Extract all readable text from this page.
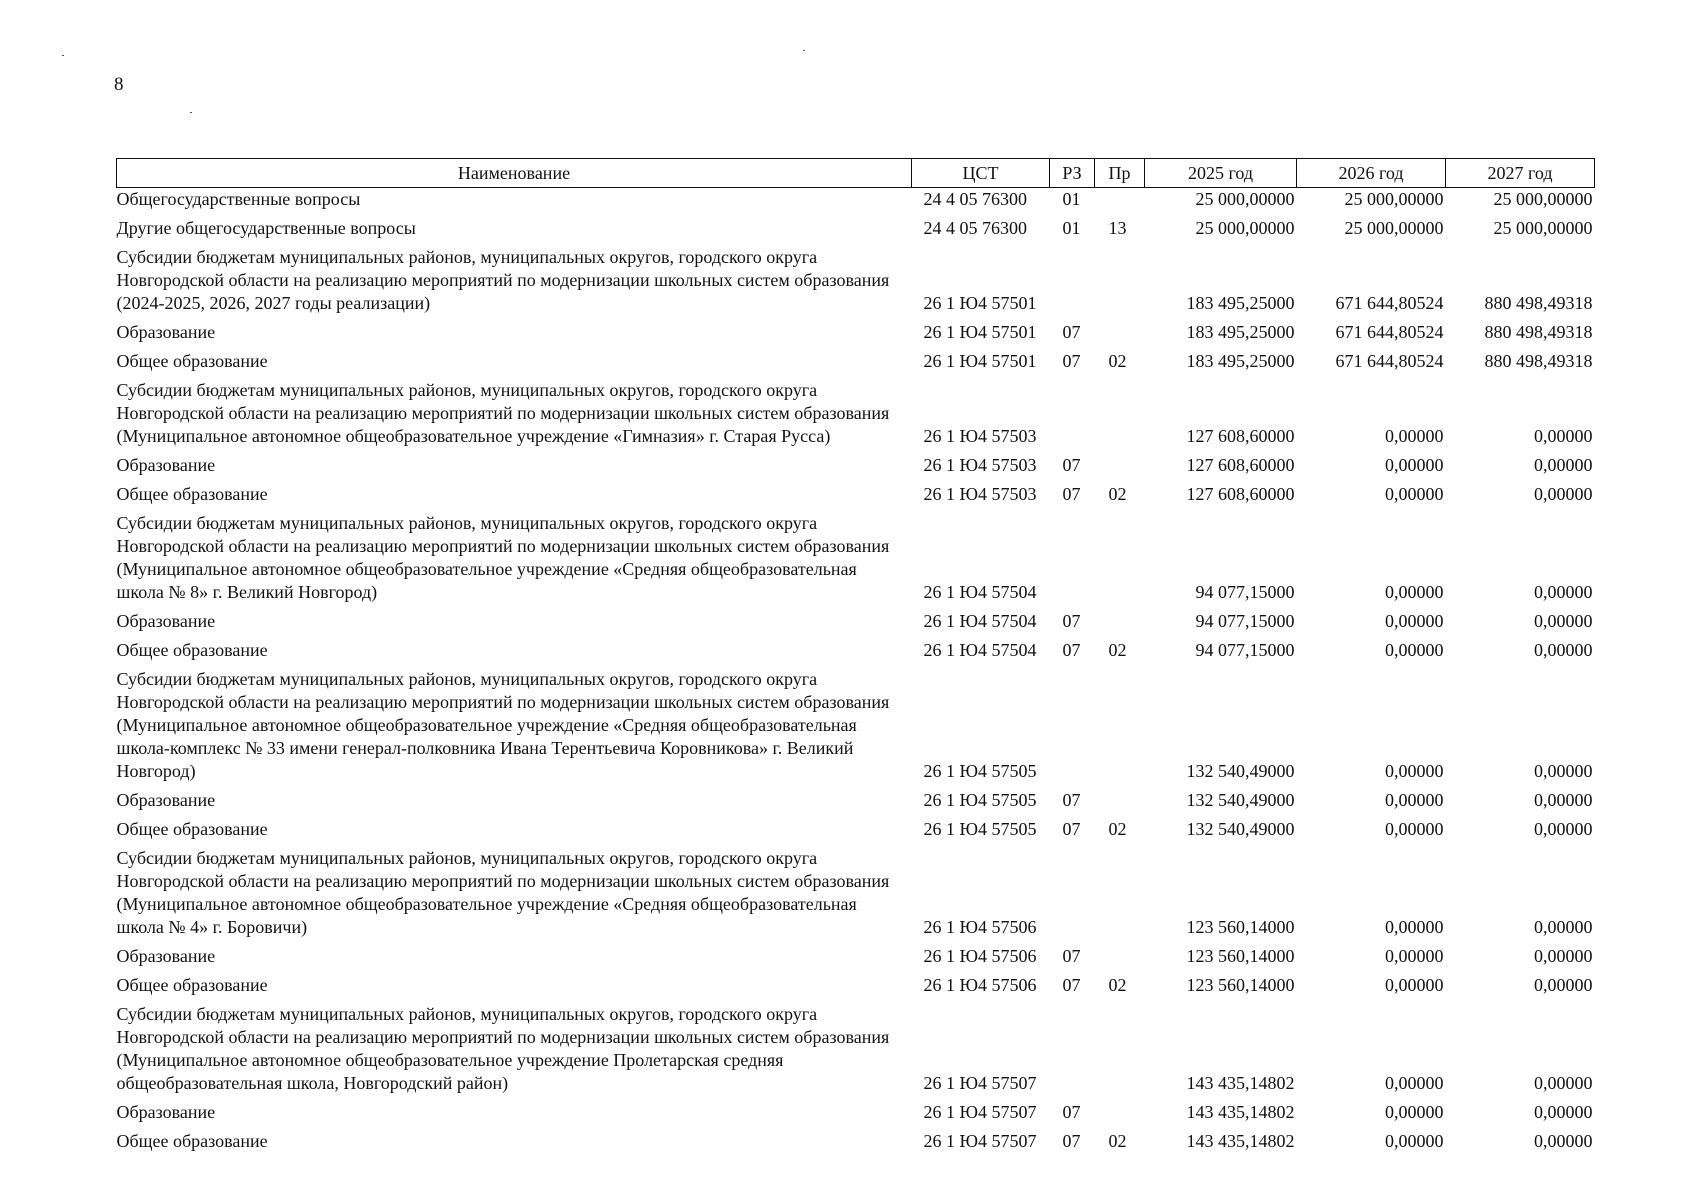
8
Наименование	ЦСТ	РЗ	Пр	2025 год	2026 год	2027 год
Общегосударственные вопросы	24 4 05 76300	01		25 000,00000	25 000,00000	25 000,00000
Другие общегосударственные вопросы	24 4 05 76300	01	13	25 000,00000	25 000,00000	25 000,00000
Субсидии бюджетам муниципальных районов, муниципальных округов, городского округа Новгородской области на реализацию мероприятий по модернизации школьных систем образования (2024-2025, 2026, 2027 годы реализации)	26 1 Ю4 57501			183 495,25000	671 644,80524	880 498,49318
Образование	26 1 Ю4 57501	07		183 495,25000	671 644,80524	880 498,49318
Общее образование	26 1 Ю4 57501	07	02	183 495,25000	671 644,80524	880 498,49318
Субсидии бюджетам муниципальных районов, муниципальных округов, городского округа Новгородской области на реализацию мероприятий по модернизации школьных систем образования (Муниципальное автономное общеобразовательное учреждение «Гимназия» г. Старая Русса)	26 1 Ю4 57503			127 608,60000	0,00000	0,00000
Образование	26 1 Ю4 57503	07		127 608,60000	0,00000	0,00000
Общее образование	26 1 Ю4 57503	07	02	127 608,60000	0,00000	0,00000
Субсидии бюджетам муниципальных районов, муниципальных округов, городского округа Новгородской области на реализацию мероприятий по модернизации школьных систем образования (Муниципальное автономное общеобразовательное учреждение «Средняя общеобразовательная школа № 8» г. Великий Новгород)	26 1 Ю4 57504			94 077,15000	0,00000	0,00000
Образование	26 1 Ю4 57504	07		94 077,15000	0,00000	0,00000
Общее образование	26 1 Ю4 57504	07	02	94 077,15000	0,00000	0,00000
Субсидии бюджетам муниципальных районов, муниципальных округов, городского округа Новгородской области на реализацию мероприятий по модернизации школьных систем образования (Муниципальное автономное общеобразовательное учреждение «Средняя общеобразовательная школа-комплекс № 33 имени генерал-полковника Ивана Терентьевича Коровникова» г. Великий Новгород)	26 1 Ю4 57505			132 540,49000	0,00000	0,00000
Образование	26 1 Ю4 57505	07		132 540,49000	0,00000	0,00000
Общее образование	26 1 Ю4 57505	07	02	132 540,49000	0,00000	0,00000
Субсидии бюджетам муниципальных районов, муниципальных округов, городского округа Новгородской области на реализацию мероприятий по модернизации школьных систем образования (Муниципальное автономное общеобразовательное учреждение «Средняя общеобразовательная школа № 4» г. Боровичи)	26 1 Ю4 57506			123 560,14000	0,00000	0,00000
Образование	26 1 Ю4 57506	07		123 560,14000	0,00000	0,00000
Общее образование	26 1 Ю4 57506	07	02	123 560,14000	0,00000	0,00000
Субсидии бюджетам муниципальных районов, муниципальных округов, городского округа Новгородской области на реализацию мероприятий по модернизации школьных систем образования (Муниципальное автономное общеобразовательное учреждение Пролетарская средняя общеобразовательная школа, Новгородский район)	26 1 Ю4 57507			143 435,14802	0,00000	0,00000
Образование	26 1 Ю4 57507	07		143 435,14802	0,00000	0,00000
Общее образование	26 1 Ю4 57507	07	02	143 435,14802	0,00000	0,00000
